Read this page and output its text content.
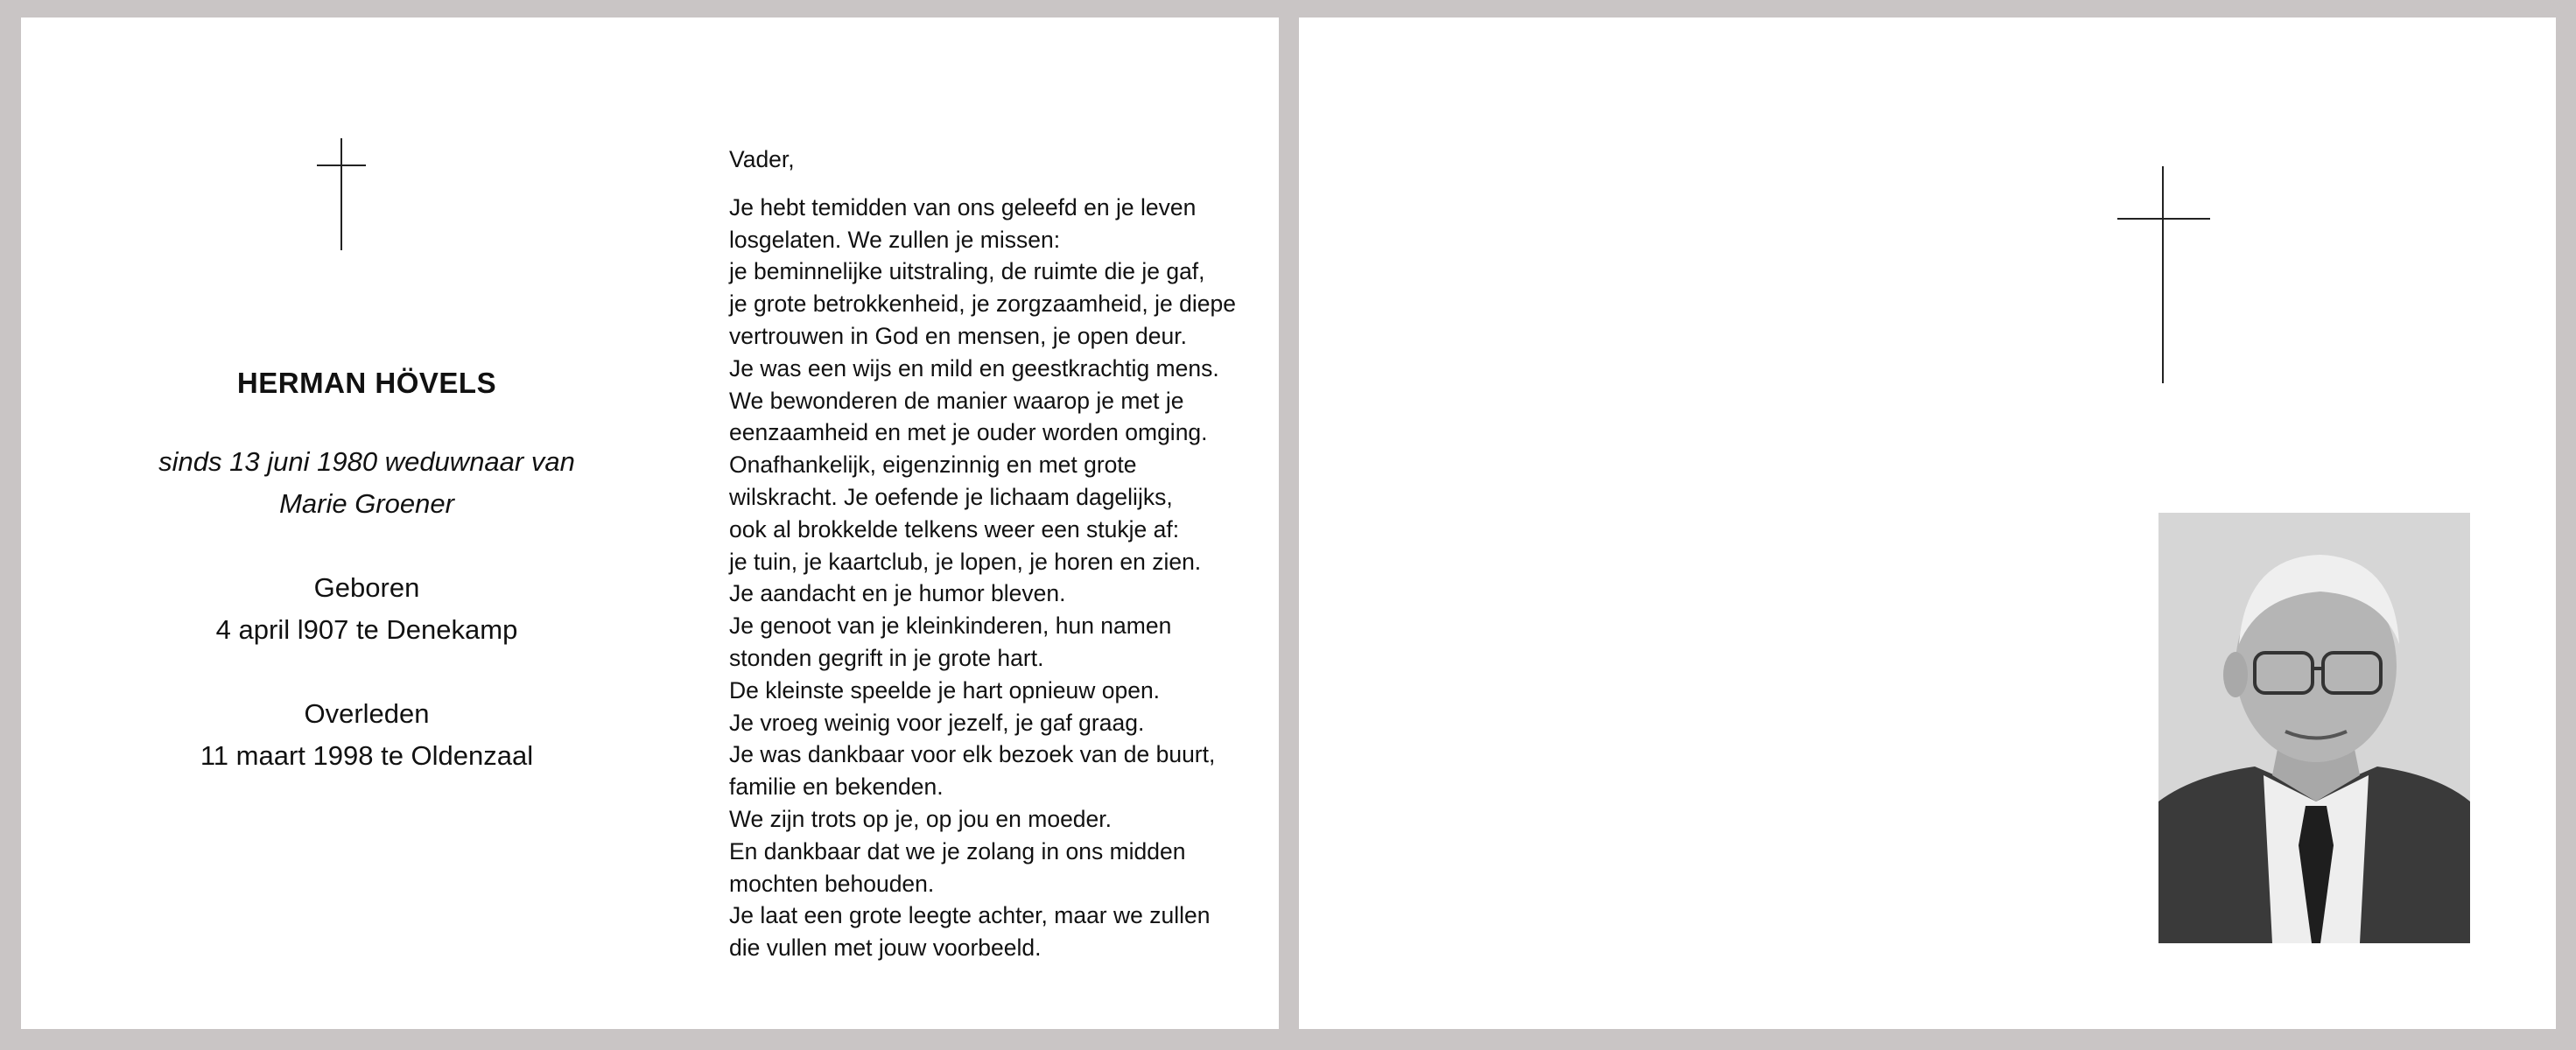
HERMAN HÖVELS
sinds 13 juni 1980 weduwnaar van
Marie Groener
Geboren
4 april l907 te Denekamp
Overleden
11 maart 1998 te Oldenzaal
Vader,
Je hebt temidden van ons geleefd en je leven
losgelaten. We zullen je missen:
je beminnelijke uitstraling, de ruimte die je gaf,
je grote betrokkenheid, je zorgzaamheid, je diepe
vertrouwen in God en mensen, je open deur.
Je was een wijs en mild en geestkrachtig mens.
We bewonderen de manier waarop je met je
eenzaamheid en met je ouder worden omging.
Onafhankelijk, eigenzinnig en met grote
wilskracht. Je oefende je lichaam dagelijks,
ook al brokkelde telkens weer een stukje af:
je tuin, je kaartclub, je lopen, je horen en zien.
Je aandacht en je humor bleven.
Je genoot van je kleinkinderen, hun namen
stonden gegrift in je grote hart.
De kleinste speelde je hart opnieuw open.
Je vroeg weinig voor jezelf, je gaf graag.
Je was dankbaar voor elk bezoek van de buurt,
familie en bekenden.
We zijn trots op je, op jou en moeder.
En dankbaar dat we je zolang in ons midden
mochten behouden.
Je laat een grote leegte achter, maar we zullen
die vullen met jouw voorbeeld.
